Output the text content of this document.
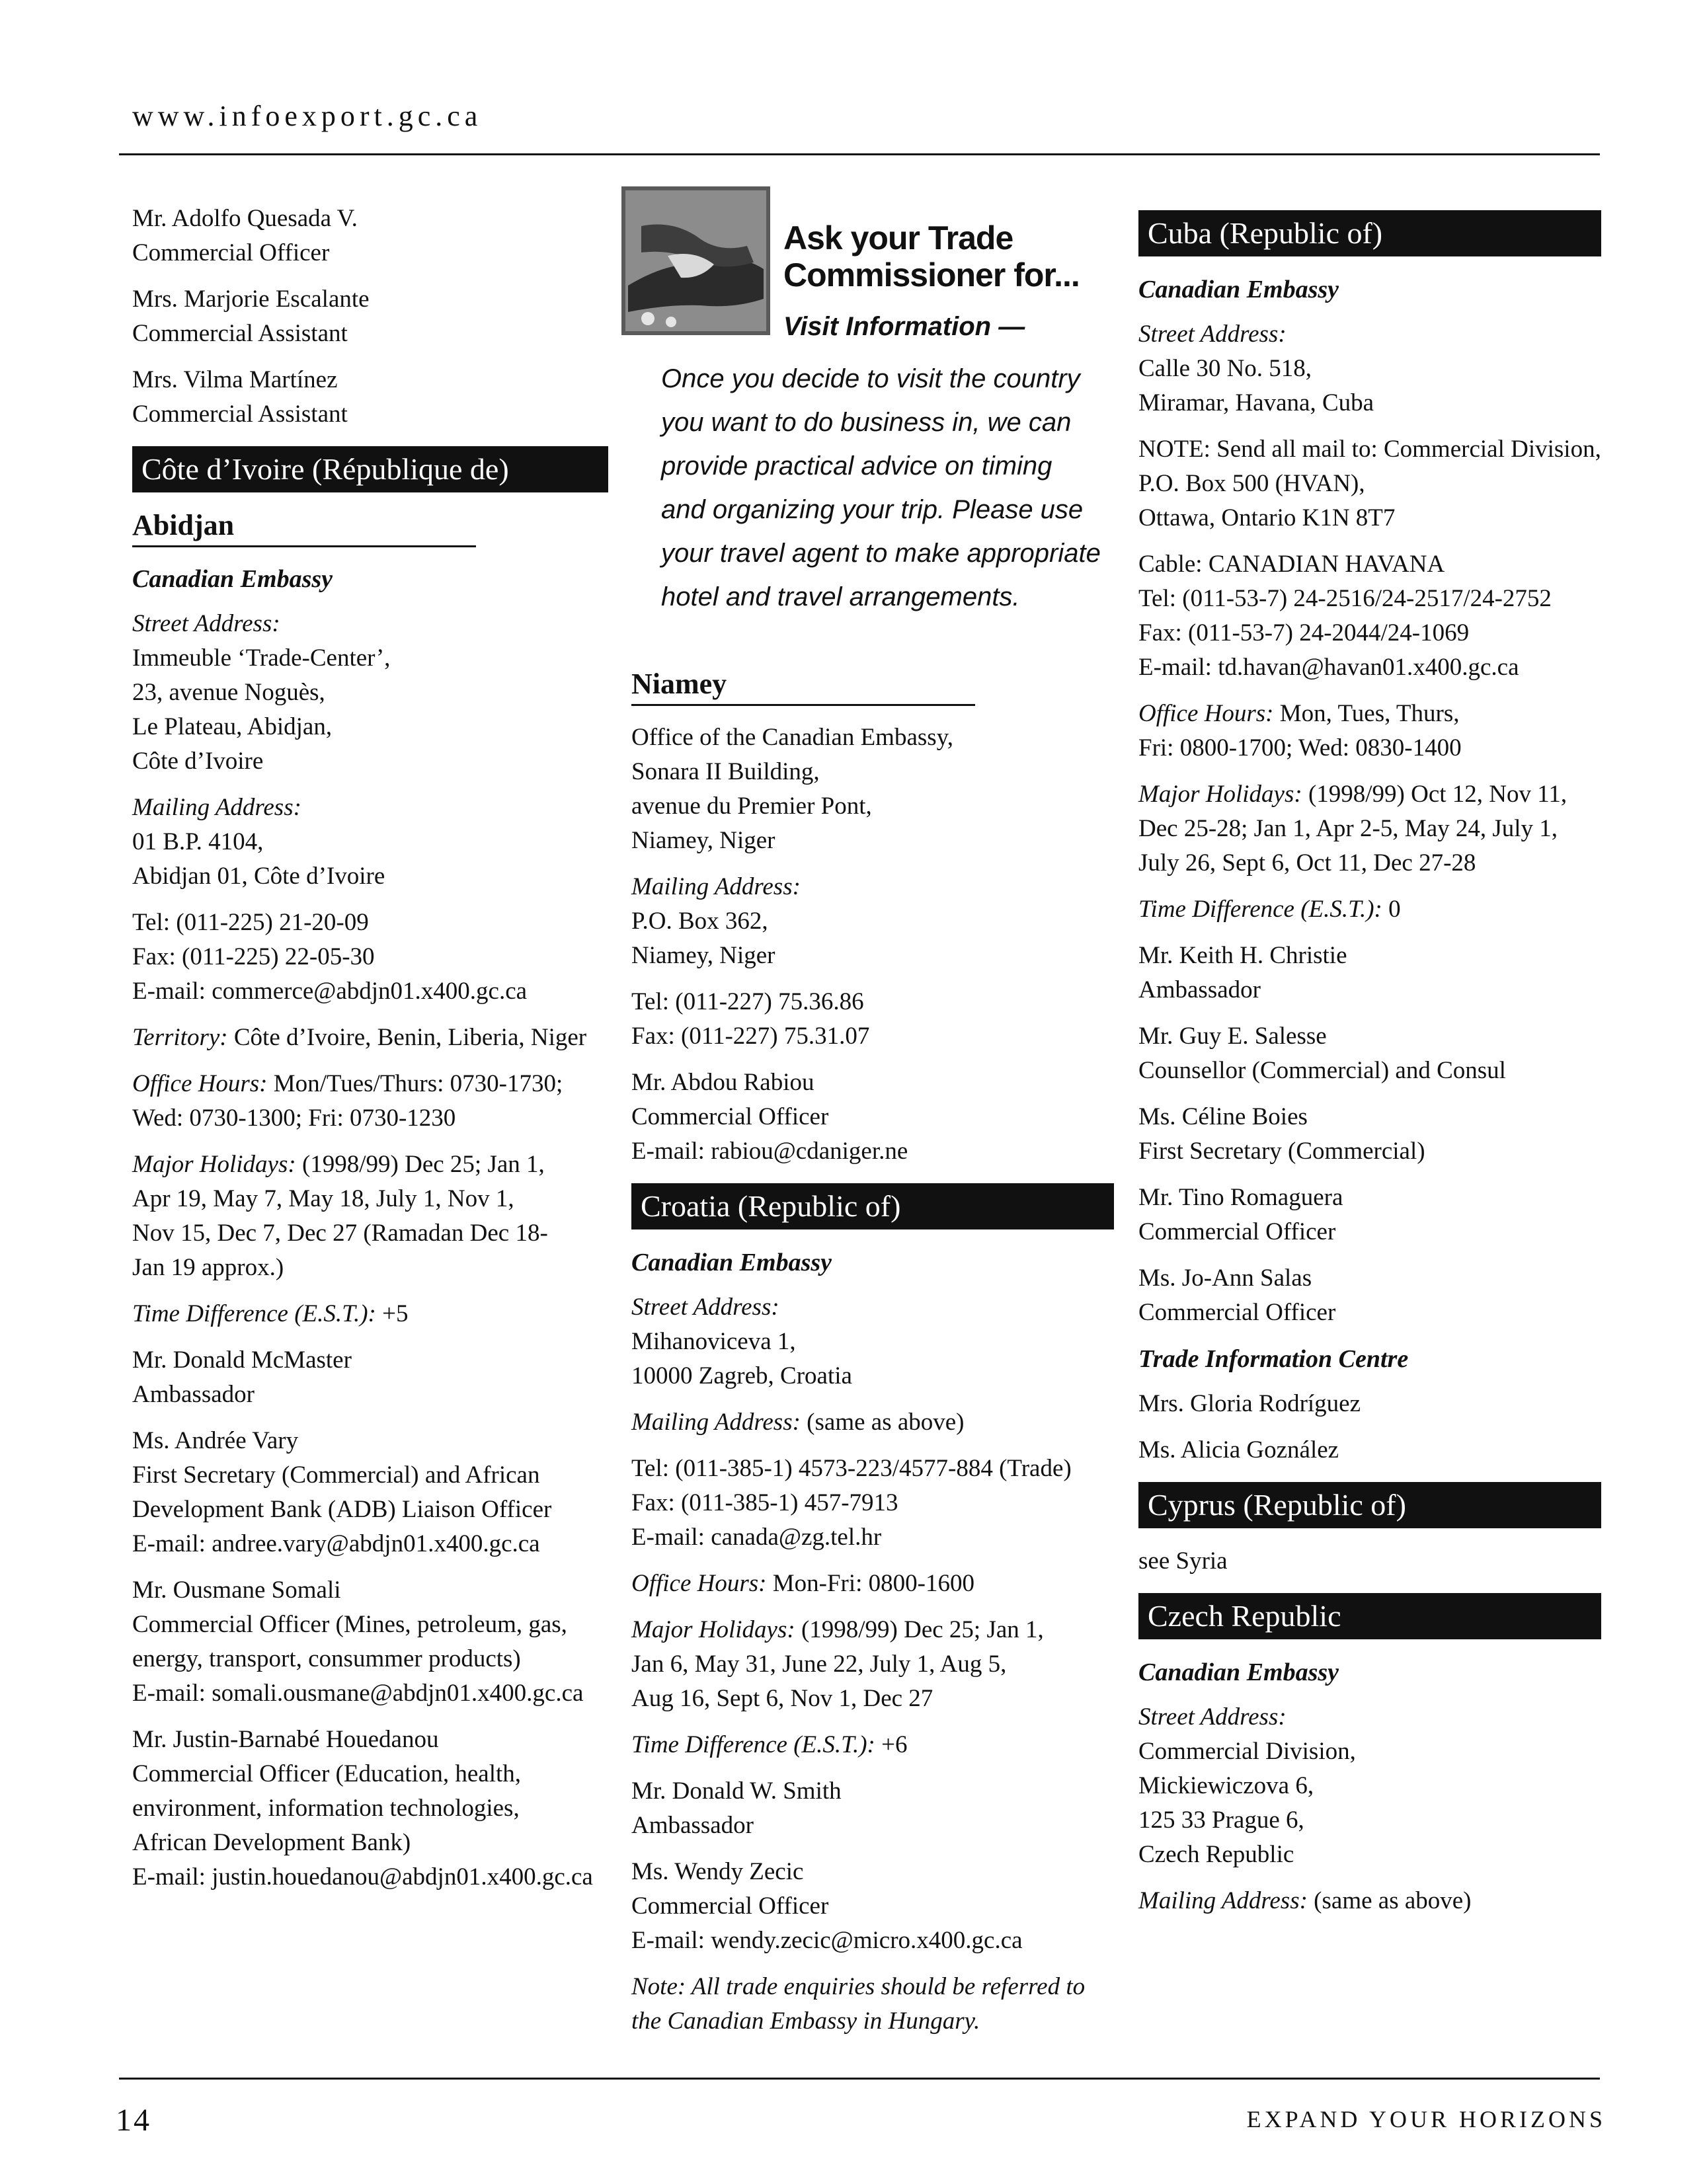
www.infoexport.gc.ca
Mr. Adolfo Quesada V.
Commercial Officer
Mrs. Marjorie Escalante
Commercial Assistant
Mrs. Vilma Martínez
Commercial Assistant
Côte d’Ivoire (République de)
Abidjan
Canadian Embassy
Street Address:
Immeuble ‘Trade-Center’,
23, avenue Noguès,
Le Plateau, Abidjan,
Côte d’Ivoire
Mailing Address:
01 B.P. 4104,
Abidjan 01, Côte d’Ivoire
Tel: (011-225) 21-20-09
Fax: (011-225) 22-05-30
E-mail: commerce@abdjn01.x400.gc.ca
Territory: Côte d’Ivoire, Benin, Liberia, Niger
Office Hours: Mon/Tues/Thurs: 0730-1730;
Wed: 0730-1300; Fri: 0730-1230
Major Holidays: (1998/99) Dec 25; Jan 1,
Apr 19, May 7, May 18, July 1, Nov 1,
Nov 15, Dec 7, Dec 27 (Ramadan Dec 18-
Jan 19 approx.)
Time Difference (E.S.T.): +5
Mr. Donald McMaster
Ambassador
Ms. Andrée Vary
First Secretary (Commercial) and African
Development Bank (ADB) Liaison Officer
E-mail: andree.vary@abdjn01.x400.gc.ca
Mr. Ousmane Somali
Commercial Officer (Mines, petroleum, gas,
energy, transport, consummer products)
E-mail: somali.ousmane@abdjn01.x400.gc.ca
Mr. Justin-Barnabé Houedanou
Commercial Officer (Education, health,
environment, information technologies,
African Development Bank)
E-mail: justin.houedanou@abdjn01.x400.gc.ca
Ask your Trade
Commissioner for...
Visit Information —
Once you decide to visit the country
you want to do business in, we can
provide practical advice on timing
and organizing your trip. Please use
your travel agent to make appropriate
hotel and travel arrangements.
Niamey
Office of the Canadian Embassy,
Sonara II Building,
avenue du Premier Pont,
Niamey, Niger
Mailing Address:
P.O. Box 362,
Niamey, Niger
Tel: (011-227) 75.36.86
Fax: (011-227) 75.31.07
Mr. Abdou Rabiou
Commercial Officer
E-mail: rabiou@cdaniger.ne
Croatia (Republic of)
Canadian Embassy
Street Address:
Mihanoviceva 1,
10000 Zagreb, Croatia
Mailing Address: (same as above)
Tel: (011-385-1) 4573-223/4577-884 (Trade)
Fax: (011-385-1) 457-7913
E-mail: canada@zg.tel.hr
Office Hours: Mon-Fri: 0800-1600
Major Holidays: (1998/99) Dec 25; Jan 1,
Jan 6, May 31, June 22, July 1, Aug 5,
Aug 16, Sept 6, Nov 1, Dec 27
Time Difference (E.S.T.): +6
Mr. Donald W. Smith
Ambassador
Ms. Wendy Zecic
Commercial Officer
E-mail: wendy.zecic@micro.x400.gc.ca
Note: All trade enquiries should be referred to
the Canadian Embassy in Hungary.
Cuba (Republic of)
Canadian Embassy
Street Address:
Calle 30 No. 518,
Miramar, Havana, Cuba
NOTE: Send all mail to: Commercial Division,
P.O. Box 500 (HVAN),
Ottawa, Ontario K1N 8T7
Cable: CANADIAN HAVANA
Tel: (011-53-7) 24-2516/24-2517/24-2752
Fax: (011-53-7) 24-2044/24-1069
E-mail: td.havan@havan01.x400.gc.ca
Office Hours: Mon, Tues, Thurs,
Fri: 0800-1700; Wed: 0830-1400
Major Holidays: (1998/99) Oct 12, Nov 11,
Dec 25-28; Jan 1, Apr 2-5, May 24, July 1,
July 26, Sept 6, Oct 11, Dec 27-28
Time Difference (E.S.T.): 0
Mr. Keith H. Christie
Ambassador
Mr. Guy E. Salesse
Counsellor (Commercial) and Consul
Ms. Céline Boies
First Secretary (Commercial)
Mr. Tino Romaguera
Commercial Officer
Ms. Jo-Ann Salas
Commercial Officer
Trade Information Centre
Mrs. Gloria Rodríguez
Ms. Alicia Goznález
Cyprus (Republic of)
see Syria
Czech Republic
Canadian Embassy
Street Address:
Commercial Division,
Mickiewiczova 6,
125 33 Prague 6,
Czech Republic
Mailing Address: (same as above)
14	EXPAND YOUR HORIZONS
